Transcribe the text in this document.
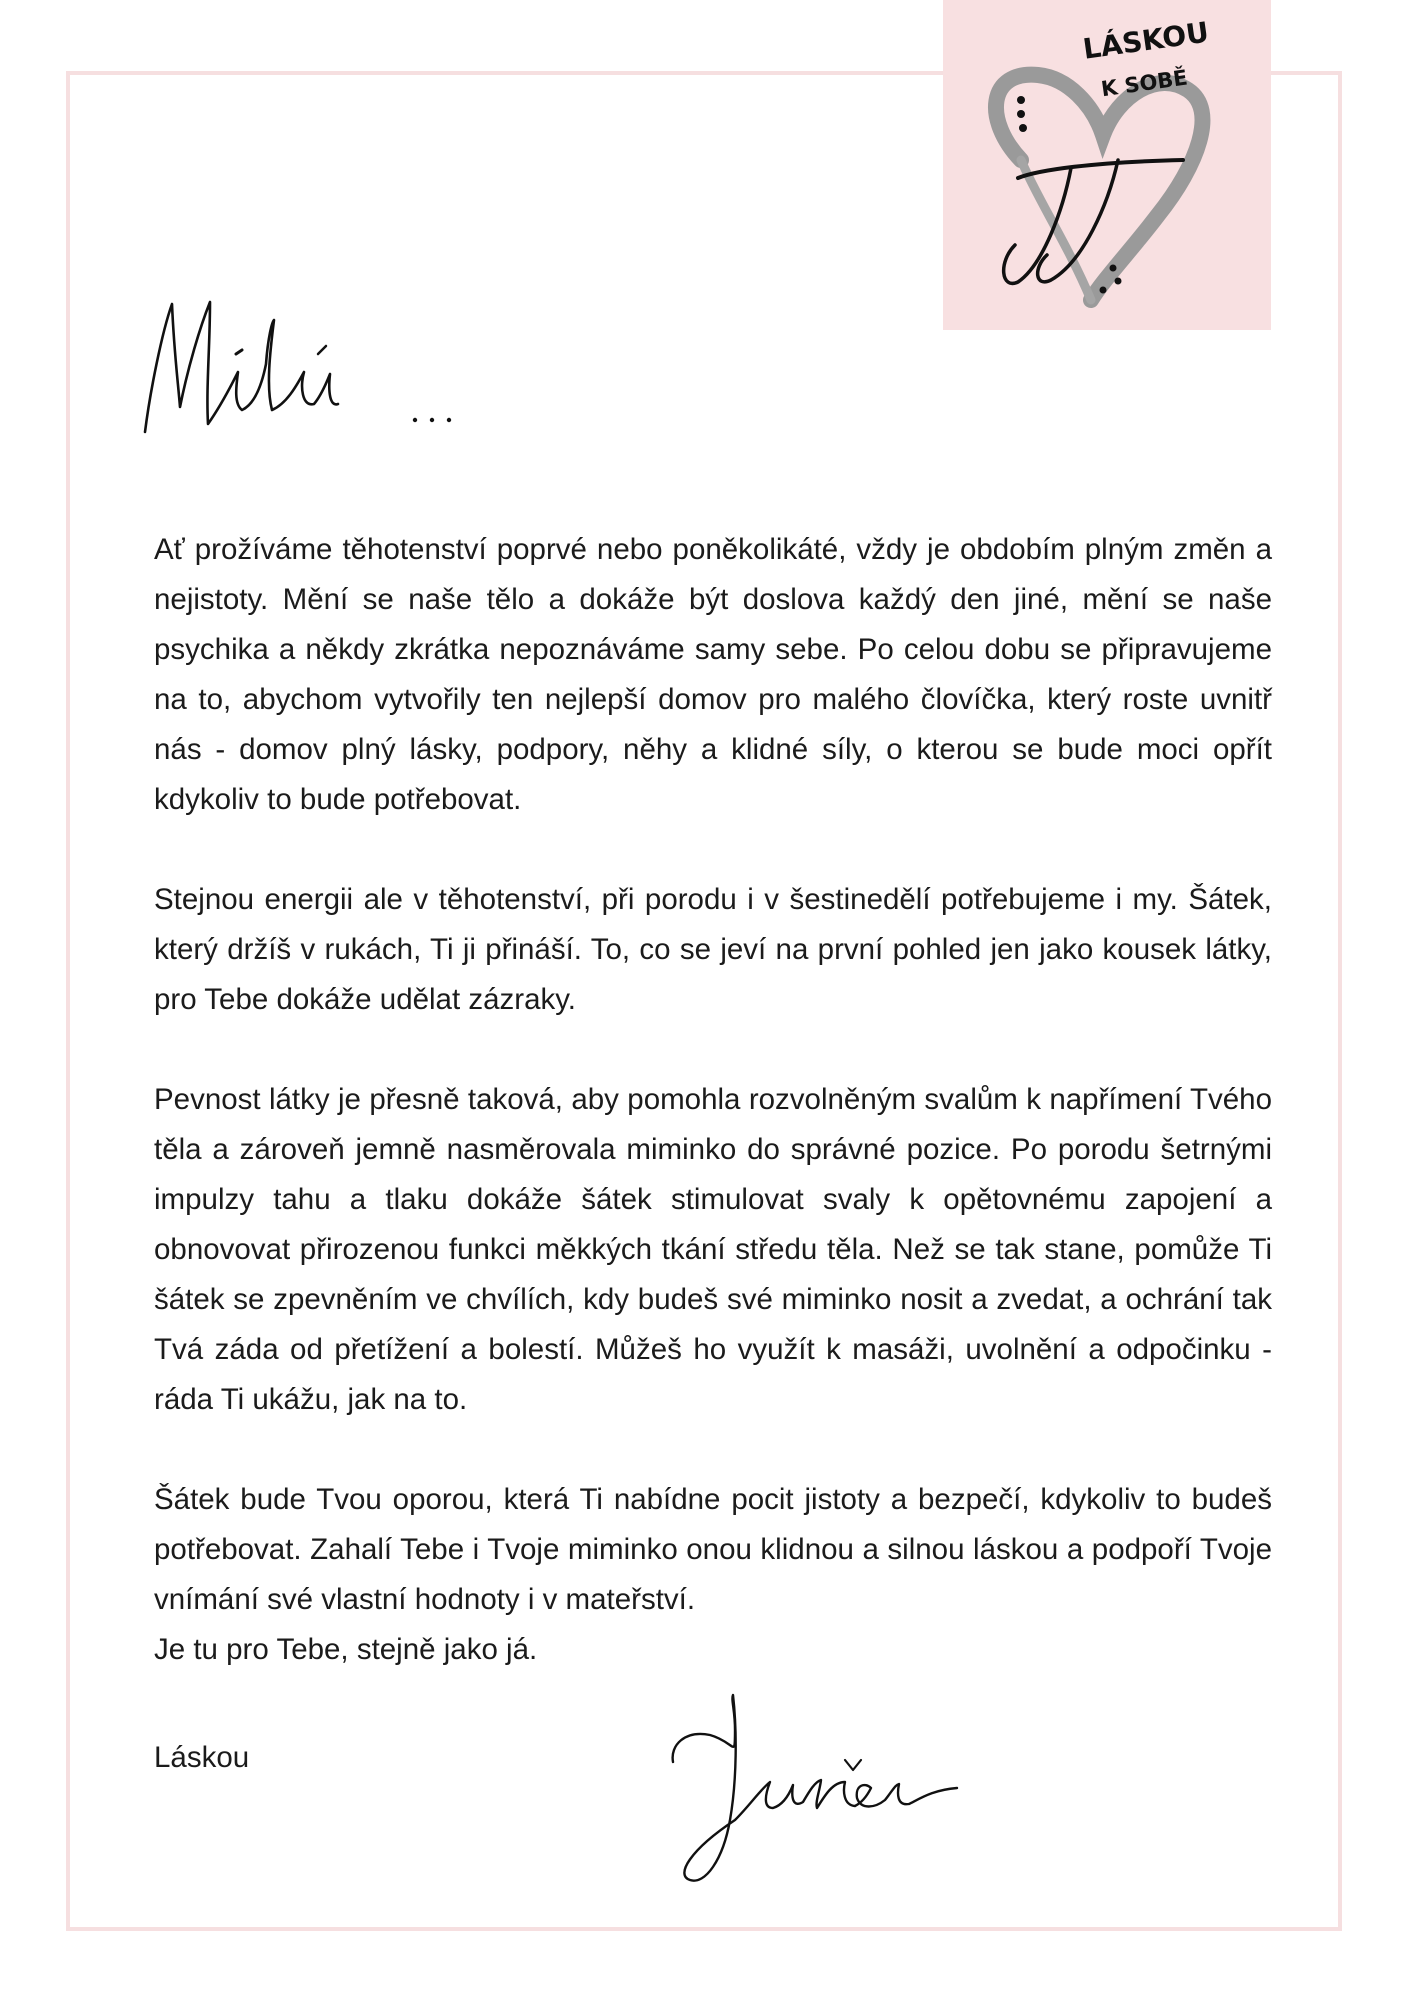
LÁSKOU
K SOBĚ

Ať prožíváme těhotenství poprvé nebo poněkolikáté, vždy je obdobím plným změn a nejistoty. Mění se naše tělo a dokáže být doslova každý den jiné, mění se naše psychika a někdy zkrátka nepoznáváme samy sebe. Po celou dobu se připravujeme na to, abychom vytvořily ten nejlepší domov pro malého človíčka, který roste uvnitř nás - domov plný lásky, podpory, něhy a klidné síly, o kterou se bude moci opřít kdykoliv to bude potřebovat.

Stejnou energii ale v těhotenství, při porodu i v šestinedělí potřebujeme i my. Šátek, který držíš v rukách, Ti ji přináší. To, co se jeví na první pohled jen jako kousek látky, pro Tebe dokáže udělat zázraky.

Pevnost látky je přesně taková, aby pomohla rozvolněným svalům k napřímení Tvého těla a zároveň jemně nasměrovala miminko do správné pozice. Po porodu šetrnými impulzy tahu a tlaku dokáže šátek stimulovat svaly k opětovnému zapojení a obnovovat přirozenou funkci měkkých tkání středu těla. Než se tak stane, pomůže Ti šátek se zpevněním ve chvílích, kdy budeš své miminko nosit a zvedat, a ochrání tak Tvá záda od přetížení a bolestí. Můžeš ho využít k masáži, uvolnění a odpočinku - ráda Ti ukážu, jak na to.

Šátek bude Tvou oporou, která Ti nabídne pocit jistoty a bezpečí, kdykoliv to budeš potřebovat. Zahalí Tebe i Tvoje miminko onou klidnou a silnou láskou a podpoří Tvoje vnímání své vlastní hodnoty i v mateřství.

Je tu pro Tebe, stejně jako já.
Láskou
